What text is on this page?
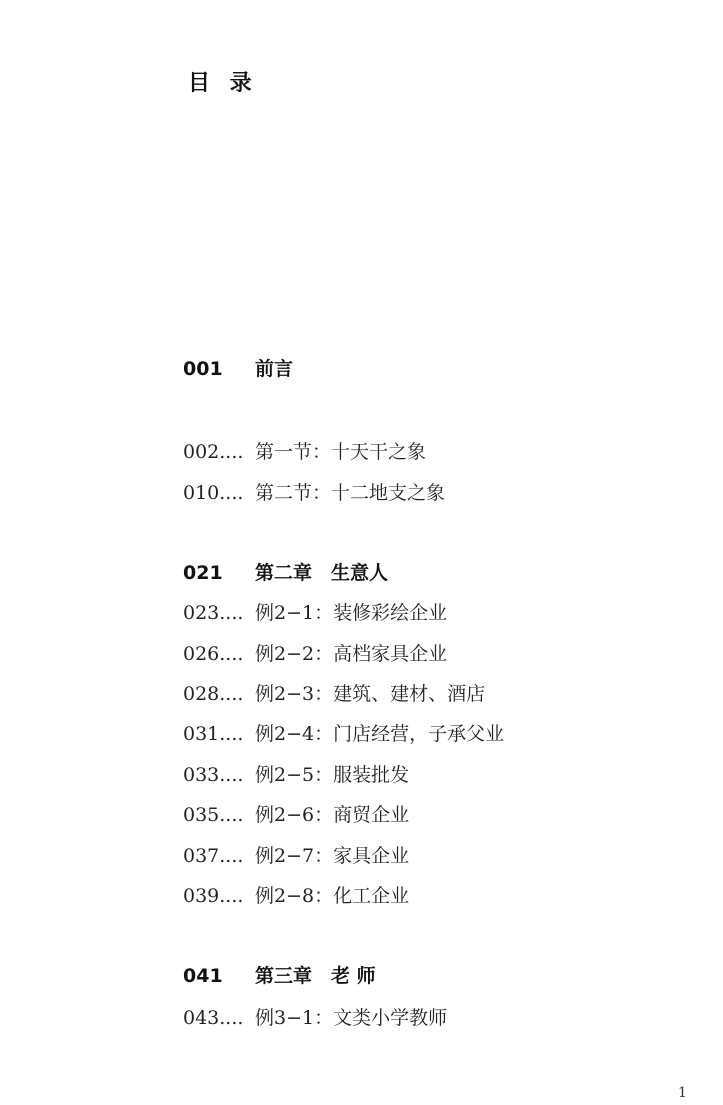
目 录
001 前言
002.... 第一节：十天干之象
010.... 第二节：十二地支之象
021 第二章　生意人
023.... 例2−1：装修彩绘企业
026.... 例2−2：高档家具企业
028.... 例2−3：建筑、建材、酒店
031.... 例2−4：门店经营，子承父业
033.... 例2−5：服装批发
035.... 例2−6：商贸企业
037.... 例2−7：家具企业
039.... 例2−8：化工企业
041 第三章　老 师
043.... 例3−1：文类小学教师
1
